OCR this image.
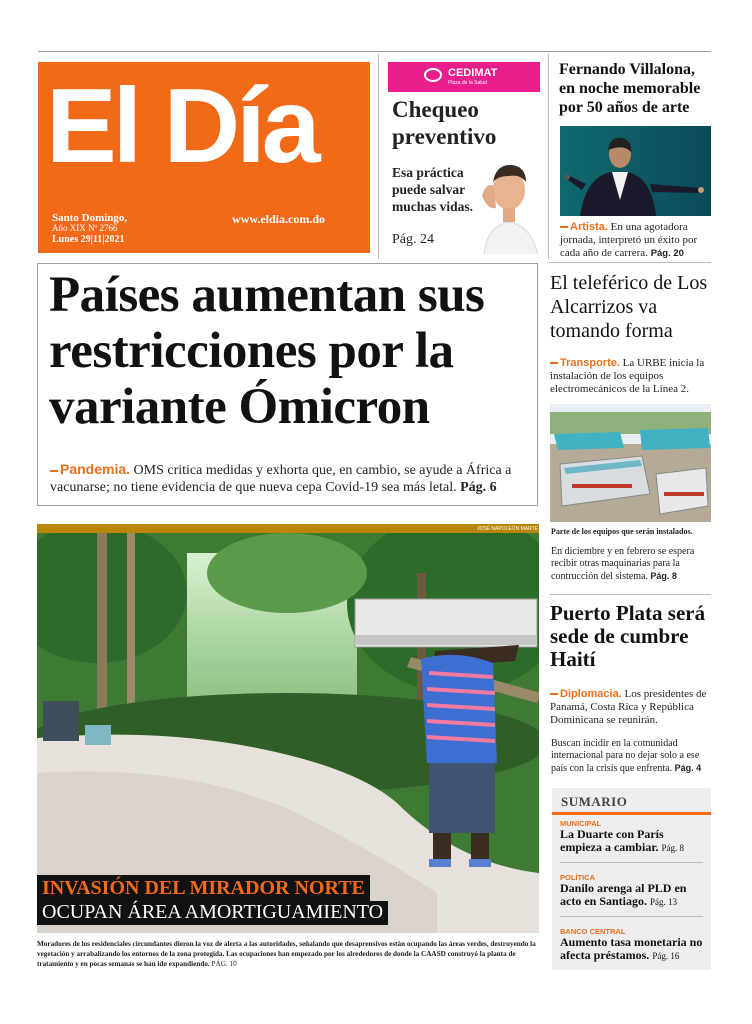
El Día
Santo Domingo,
Año XIX Nº 2766
Lunes 29|11|2021
www.eldia.com.do
CEDIMAT
Plaza de la Salud
Chequeo preventivo
Esa práctica puede salvar muchas vidas.
Pág. 24
Fernando Villalona, en noche memorable por 50 años de arte
Artista. En una agotadora jornada, interpretó un éxito por cada año de carrera. Pág. 20
Países aumentan sus restricciones por la variante Ómicron
Pandemia. OMS critica medidas y exhorta que, en cambio, se ayude a África a vacunarse; no tiene evidencia de que nueva cepa Covid-19 sea más letal. Pág. 6
El teleférico de Los Alcarrizos va tomando forma
Transporte. La URBE inicia la instalación de los equipos electromecánicos de la Línea 2.
Parte de los equipos que serán instalados.
En diciembre y en febrero se espera recibir otras maquinarias para la contrucción del sistema. Pág. 8
JOSÉ NAPOLEÓN MARTE
INVASIÓN DEL MIRADOR NORTE OCUPAN ÁREA AMORTIGUAMIENTO
Moradores de los residenciales circundantes dieron la voz de alerta a las autoridades, señalando que desaprensivos están ocupando las áreas verdes, destruyendo la vegetación y arrabalizando los entornos de la zona protegida. Las ocupaciones han empezado por los alrededores de donde la CAASD construyó la planta de tratamiento y en pocas semanas se han ido expandiendo. PÁG. 10
Puerto Plata será sede de cumbre Haití
Diplomacia. Los presidentes de Panamá, Costa Rica y República Dominicana se reunirán.
Buscan incidir en la comunidad internacional para no dejar solo a ese país con la crisis que enfrenta. Pág. 4
SUMARIO
MUNICIPAL
La Duarte con París empieza a cambiar. Pág. 8
POLÍTICA
Danilo arenga al PLD en acto en Santiago. Pág. 13
BANCO CENTRAL
Aumento tasa monetaria no afecta préstamos. Pág. 16
